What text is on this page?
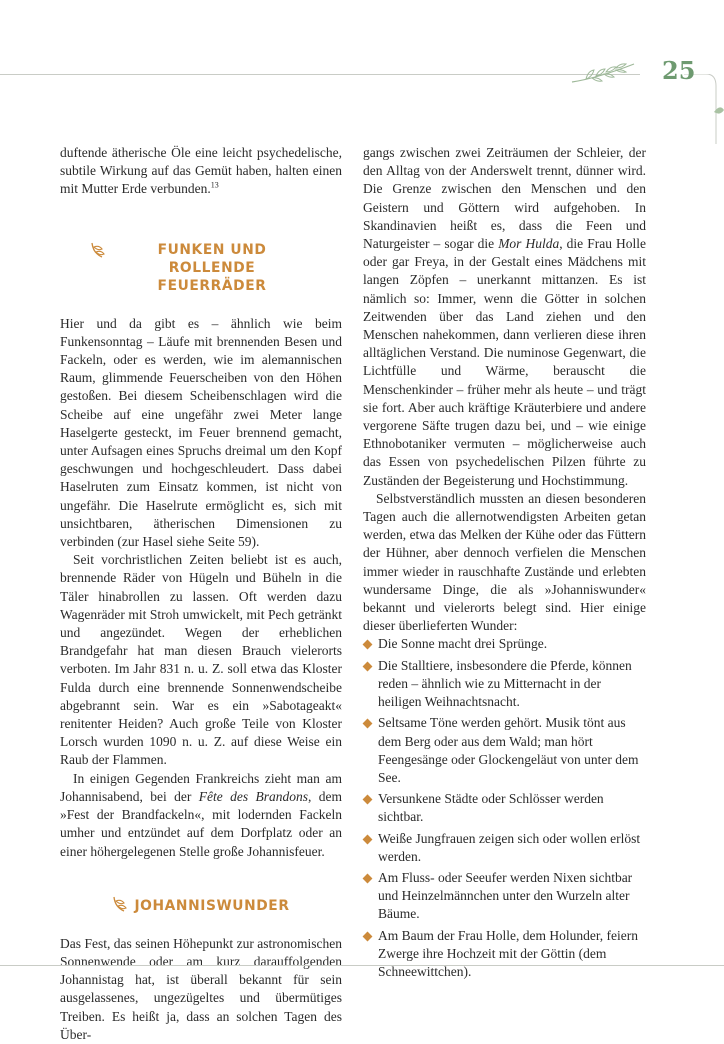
25

duftende ätherische Öle eine leicht psychedelische, subtile Wirkung auf das Gemüt haben, halten einen mit Mutter Erde verbunden.$^{13}$

FUNKEN UND ROLLENDE FEUERRÄDER

Hier und da gibt es – ähnlich wie beim Funkensonntag – Läufe mit brennenden Besen und Fackeln, oder es werden, wie im alemannischen Raum, glimmende Feuerscheiben von den Höhen gestoßen. Bei diesem Scheibenschlagen wird die Scheibe auf eine ungefähr zwei Meter lange Haselgerte gesteckt, im Feuer brennend gemacht, unter Aufsagen eines Spruchs dreimal um den Kopf geschwungen und hochgeschleudert. Dass dabei Haselruten zum Einsatz kommen, ist nicht von ungefähr. Die Haselrute ermöglicht es, sich mit unsichtbaren, ätherischen Dimensionen zu verbinden (zur Hasel siehe Seite 59).

Seit vorchristlichen Zeiten beliebt ist es auch, brennende Räder von Hügeln und Büheln in die Täler hinabrollen zu lassen. Oft werden dazu Wagenräder mit Stroh umwickelt, mit Pech getränkt und angezündet. Wegen der erheblichen Brandgefahr hat man diesen Brauch vielerorts verboten. Im Jahr 831 n. u. Z. soll etwa das Kloster Fulda durch eine brennende Sonnenwendscheibe abgebrannt sein. War es ein »Sabotageakt« renitenter Heiden? Auch große Teile von Kloster Lorsch wurden 1090 n. u. Z. auf diese Weise ein Raub der Flammen.

In einigen Gegenden Frankreichs zieht man am Johannisabend, bei der Fête des Brandons, dem »Fest der Brandfackeln«, mit lodernden Fackeln umher und entzündet auf dem Dorfplatz oder an einer höhergelegenen Stelle große Johannisfeuer.

JOHANNISWUNDER

Das Fest, das seinen Höhepunkt zur astronomischen Sonnenwende oder am kurz darauffolgenden Johannistag hat, ist überall bekannt für sein ausgelassenes, ungezügeltes und übermütiges Treiben. Es heißt ja, dass an solchen Tagen des Über-

gangs zwischen zwei Zeiträumen der Schleier, der den Alltag von der Anderswelt trennt, dünner wird. Die Grenze zwischen den Menschen und den Geistern und Göttern wird aufgehoben. In Skandinavien heißt es, dass die Feen und Naturgeister – sogar die Mor Hulda, die Frau Holle oder gar Freya, in der Gestalt eines Mädchens mit langen Zöpfen – unerkannt mittanzen. Es ist nämlich so: Immer, wenn die Götter in solchen Zeitwenden über das Land ziehen und den Menschen nahekommen, dann verlieren diese ihren alltäglichen Verstand. Die numinose Gegenwart, die Lichtfülle und Wärme, berauscht die Menschenkinder – früher mehr als heute – und trägt sie fort. Aber auch kräftige Kräuterbiere und andere vergorene Säfte trugen dazu bei, und – wie einige Ethnobotaniker vermuten – möglicherweise auch das Essen von psychedelischen Pilzen führte zu Zuständen der Begeisterung und Hochstimmung.

Selbstverständlich mussten an diesen besonderen Tagen auch die allernotwendigsten Arbeiten getan werden, etwa das Melken der Kühe oder das Füttern der Hühner, aber dennoch verfielen die Menschen immer wieder in rauschhafte Zustände und erlebten wundersame Dinge, die als »Johanniswunder« bekannt und vielerorts belegt sind. Hier einige dieser überlieferten Wunder:

Die Sonne macht drei Sprünge.
Die Stalltiere, insbesondere die Pferde, können reden – ähnlich wie zu Mitternacht in der heiligen Weihnachtsnacht.
Seltsame Töne werden gehört. Musik tönt aus dem Berg oder aus dem Wald; man hört Feengesänge oder Glockengeläut von unter dem See.
Versunkene Städte oder Schlösser werden sichtbar.
Weiße Jungfrauen zeigen sich oder wollen erlöst werden.
Am Fluss- oder Seeufer werden Nixen sichtbar und Heinzelmännchen unter den Wurzeln alter Bäume.
Am Baum der Frau Holle, dem Holunder, feiern Zwerge ihre Hochzeit mit der Göttin (dem Schneewittchen).
